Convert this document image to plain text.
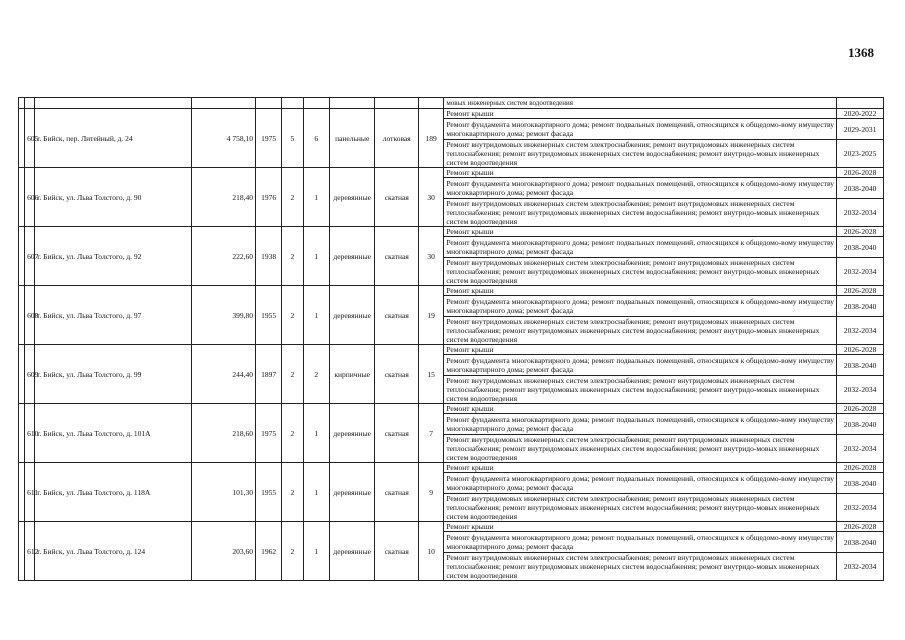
1368

										мовых инженерных систем водоотведения	

	605	г. Бийск, пер. Литейный, д. 24	4 758,10	1975	5	6	панельные	лотковая	189	Ремонт крыши	2020-2022
										Ремонт фундамента многоквартирного дома; ремонт подвальных помещений, относящихся к общедомо-вому имуществу многоквартирного дома; ремонт фасада	2029-2031
										Ремонт внутридомовых инженерных систем электроснабжения; ремонт внутридомовых инженерных систем теплоснабжения; ремонт внутридомовых инженерных систем водоснабжения; ремонт внутридо-мовых инженерных систем водоотведения	2023-2025
	606	г. Бийск, ул. Льва Толстого, д. 90	218,40	1976	2	1	деревянные	скатная	30	Ремонт крыши	2026-2028
										Ремонт фундамента многоквартирного дома; ремонт подвальных помещений, относящихся к общедомо-вому имуществу многоквартирного дома; ремонт фасада	2038-2040
										Ремонт внутридомовых инженерных систем электроснабжения; ремонт внутридомовых инженерных систем теплоснабжения; ремонт внутридомовых инженерных систем водоснабжения; ремонт внутридо-мовых инженерных систем водоотведения	2032-2034
	607	г. Бийск, ул. Льва Толстого, д. 92	222,60	1938	2	1	деревянные	скатная	30	Ремонт крыши	2026-2028
										Ремонт фундамента многоквартирного дома; ремонт подвальных помещений, относящихся к общедомо-вому имуществу многоквартирного дома; ремонт фасада	2038-2040
										Ремонт внутридомовых инженерных систем электроснабжения; ремонт внутридомовых инженерных систем теплоснабжения; ремонт внутридомовых инженерных систем водоснабжения; ремонт внутридо-мовых инженерных систем водоотведения	2032-2034
	608	г. Бийск, ул. Льва Толстого, д. 97	399,80	1955	2	1	деревянные	скатная	19	Ремонт крыши	2026-2028
										Ремонт фундамента многоквартирного дома; ремонт подвальных помещений, относящихся к общедомо-вому имуществу многоквартирного дома; ремонт фасада	2038-2040
										Ремонт внутридомовых инженерных систем электроснабжения; ремонт внутридомовых инженерных систем теплоснабжения; ремонт внутридомовых инженерных систем водоснабжения; ремонт внутридо-мовых инженерных систем водоотведения	2032-2034
	609	г. Бийск, ул. Льва Толстого, д. 99	244,40	1897	2	2	кирпичные	скатная	15	Ремонт крыши	2026-2028
										Ремонт фундамента многоквартирного дома; ремонт подвальных помещений, относящихся к общедомо-вому имуществу многоквартирного дома; ремонт фасада	2038-2040
										Ремонт внутридомовых инженерных систем электроснабжения; ремонт внутридомовых инженерных систем теплоснабжения; ремонт внутридомовых инженерных систем водоснабжения; ремонт внутридо-мовых инженерных систем водоотведения	2032-2034
	610	г. Бийск, ул. Льва Толстого, д. 101А	218,60	1975	2	1	деревянные	скатная	7	Ремонт крыши	2026-2028
										Ремонт фундамента многоквартирного дома; ремонт подвальных помещений, относящихся к общедомо-вому имуществу многоквартирного дома; ремонт фасада	2038-2040
										Ремонт внутридомовых инженерных систем электроснабжения; ремонт внутридомовых инженерных систем теплоснабжения; ремонт внутридомовых инженерных систем водоснабжения; ремонт внутридо-мовых инженерных систем водоотведения	2032-2034
	611	г. Бийск, ул. Льва Толстого, д. 118А	101,30	1955	2	1	деревянные	скатная	9	Ремонт крыши	2026-2028
										Ремонт фундамента многоквартирного дома; ремонт подвальных помещений, относящихся к общедомо-вому имуществу многоквартирного дома; ремонт фасада	2038-2040
										Ремонт внутридомовых инженерных систем электроснабжения; ремонт внутридомовых инженерных систем теплоснабжения; ремонт внутридомовых инженерных систем водоснабжения; ремонт внутридо-мовых инженерных систем водоотведения	2032-2034
	612	г. Бийск, ул. Льва Толстого, д. 124	203,60	1962	2	1	деревянные	скатная	10	Ремонт крыши	2026-2028
										Ремонт фундамента многоквартирного дома; ремонт подвальных помещений, относящихся к общедомо-вому имуществу многоквартирного дома; ремонт фасада	2038-2040
										Ремонт внутридомовых инженерных систем электроснабжения; ремонт внутридомовых инженерных систем теплоснабжения; ремонт внутридомовых инженерных систем водоснабжения; ремонт внутридо-мовых инженерных систем водоотведения	2032-2034
